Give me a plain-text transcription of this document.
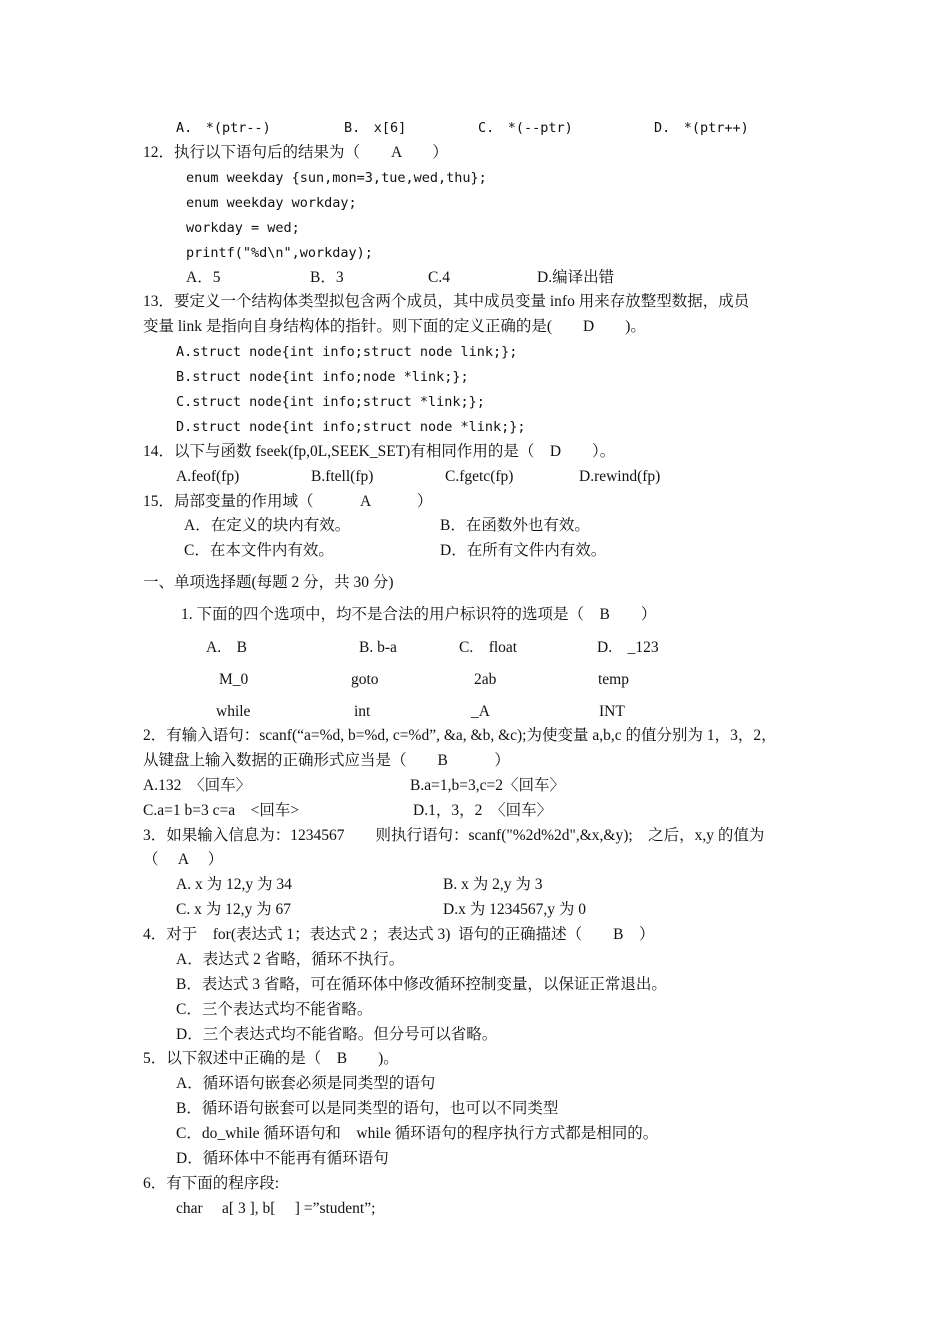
A.　*(ptr--)	B.　x[6]	C.　*(--ptr)	D.　*(ptr++)
12．执行以下语句后的结果为（　　A　　）
enum weekday {sun,mon=3,tue,wed,thu};
enum weekday workday;
workday = wed;
printf("%d\n",workday);
A．5	B．3	C.4	D.编译出错
13．要定义一个结构体类型拟包含两个成员，其中成员变量 info 用来存放整型数据，成员
变量 link 是指向自身结构体的指针。则下面的定义正确的是(　　D　　)。
A.struct node{int info;struct node link;};
B.struct node{int info;node *link;};
C.struct node{int info;struct *link;};
D.struct node{int info;struct node *link;};
14．以下与函数 fseek(fp,0L,SEEK_SET)有相同作用的是（　D　　）。
A.feof(fp)	B.ftell(fp)	C.fgetc(fp)	D.rewind(fp)
15．局部变量的作用域（　　　A　　　）
A．在定义的块内有效。	B．在函数外也有效。
C．在本文件内有效。	D．在所有文件内有效。
一、单项选择题(每题 2 分，共 30 分)
1. 下面的四个选项中，均不是合法的用户标识符的选项是（　B　　）
A.　B	B. b-a	C.　float	D.　_123
M_0	goto	2ab	temp
while	int	_A	INT
2．有输入语句：scanf(“a=%d, b=%d, c=%d”, &a, &b, &c);为使变量 a,b,c 的值分别为 1，3，2，
从键盘上输入数据的正确形式应当是（　　B　　　）
A.132　〈回车〉	B.a=1,b=3,c=2〈回车〉
C.a=1 b=3 c=a　<回车>	D.1，3，2　〈回车〉
3．如果输入信息为：1234567　　则执行语句：scanf("%2d%2d",&x,&y);　之后，x,y 的值为
（　 A　 ）
A. x 为 12,y 为 34	B. x 为 2,y 为 3
C. x 为 12,y 为 67	D.x 为 1234567,y 为 0
4．对于　for(表达式 1；表达式 2 ；表达式 3)  语句的正确描述（　　B　）
A．表达式 2 省略，循环不执行。
B．表达式 3 省略，可在循环体中修改循环控制变量，以保证正常退出。
C．三个表达式均不能省略。
D．三个表达式均不能省略。但分号可以省略。
5．以下叙述中正确的是（　B　　)。
A．循环语句嵌套必须是同类型的语句
B．循环语句嵌套可以是同类型的语句，也可以不同类型
C．do_while 循环语句和　while 循环语句的程序执行方式都是相同的。
D．循环体中不能再有循环语句
6．有下面的程序段:
char　 a[ 3 ], b[　 ] =”student”;
